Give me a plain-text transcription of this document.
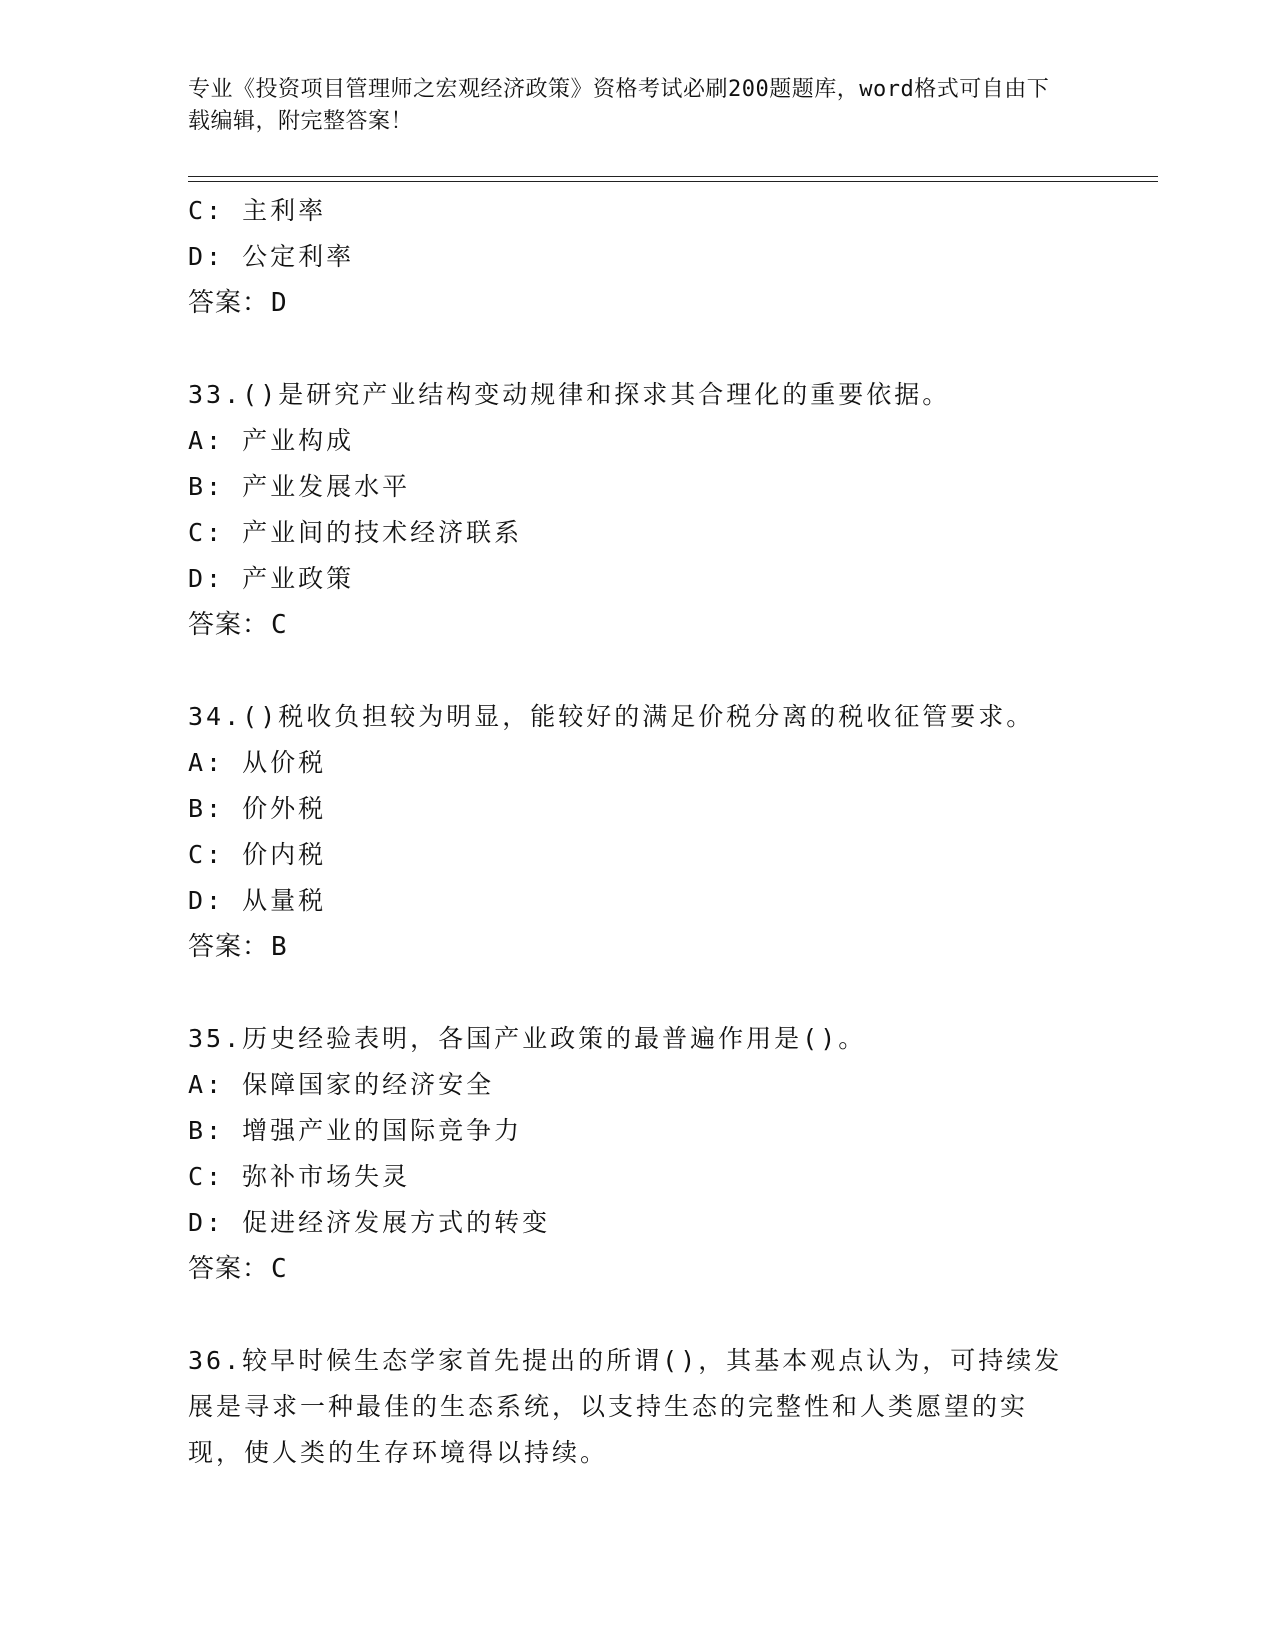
专业《投资项目管理师之宏观经济政策》资格考试必刷200题题库，word格式可自由下载编辑，附完整答案！
C: 主利率
D: 公定利率
答案：D
33.()是研究产业结构变动规律和探求其合理化的重要依据。
A: 产业构成
B: 产业发展水平
C: 产业间的技术经济联系
D: 产业政策
答案：C
34.()税收负担较为明显，能较好的满足价税分离的税收征管要求。
A: 从价税
B: 价外税
C: 价内税
D: 从量税
答案：B
35.历史经验表明，各国产业政策的最普遍作用是()。
A: 保障国家的经济安全
B: 增强产业的国际竞争力
C: 弥补市场失灵
D: 促进经济发展方式的转变
答案：C
36.较早时候生态学家首先提出的所谓()，其基本观点认为，可持续发展是寻求一种最佳的生态系统，以支持生态的完整性和人类愿望的实现，使人类的生存环境得以持续。
